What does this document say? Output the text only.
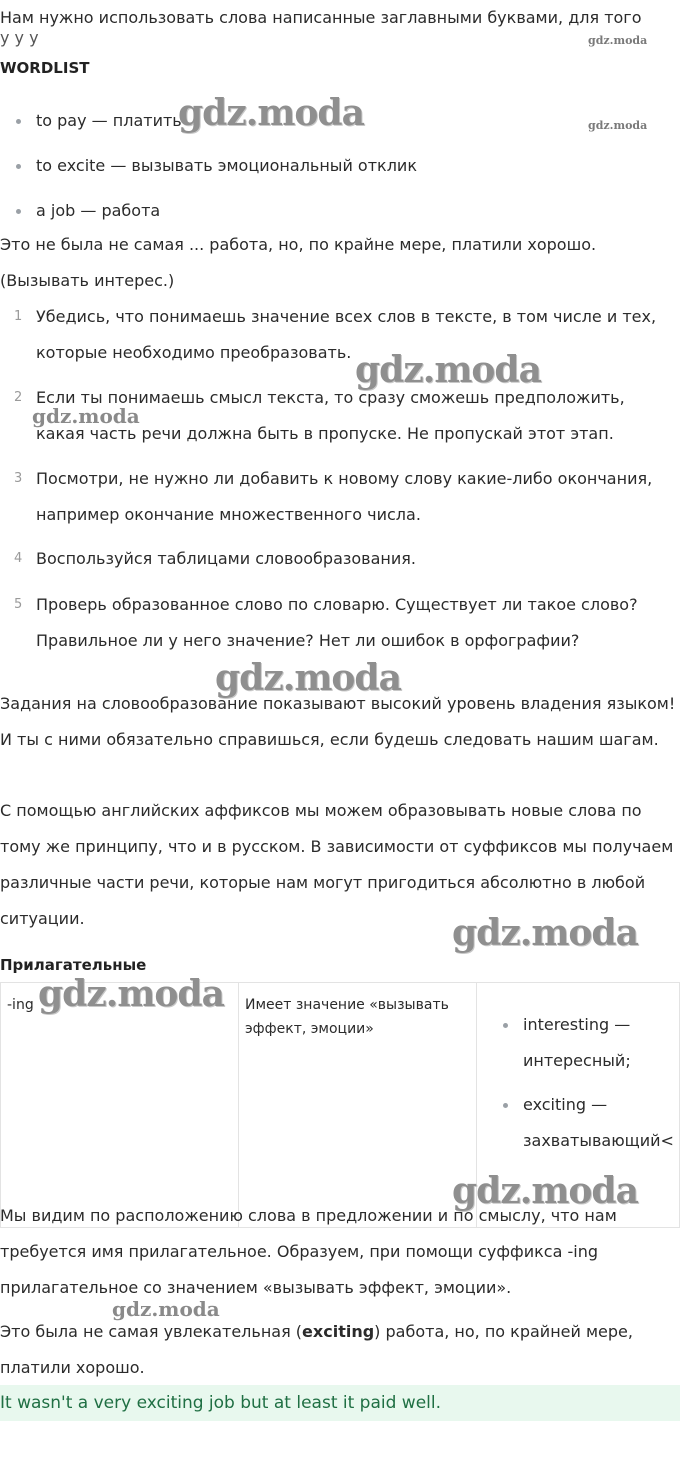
Нам нужно использовать слова написанные заглавными буквами, для того
у у у
WORDLIST
to pay — платить
to excite — вызывать эмоциональный отклик
a job — работа

Это не была не самая ... работа, но, по крайне мере, платили хорошо. (Вызывать интерес.)

1 Убедись, что понимаешь значение всех слов в тексте, в том числе и тех, которые необходимо преобразовать.
2 Если ты понимаешь смысл текста, то сразу сможешь предположить, какая часть речи должна быть в пропуске. Не пропускай этот этап.
3 Посмотри, не нужно ли добавить к новому слову какие-либо окончания, например окончание множественного числа.
4 Воспользуйся таблицами словообразования.
5 Проверь образованное слово по словарю. Существует ли такое слово? Правильное ли у него значение? Нет ли ошибок в орфографии?

Задания на словообразование показывают высокий уровень владения языком! И ты с ними обязательно справишься, если будешь следовать нашим шагам.

С помощью английских аффиксов мы можем образовывать новые слова по тому же принципу, что и в русском. В зависимости от суффиксов мы получаем различные части речи, которые нам могут пригодиться абсолютно в любой ситуации.

Прилагательные
-ing	Имеет значение «вызывать эффект, эмоции»	interesting — интересный;
exciting — захватывающий<

Мы видим по расположению слова в предложении и по смыслу, что нам требуется имя прилагательное. Образуем, при помощи суффикса -ing прилагательное со значением «вызывать эффект, эмоции».

Это была не самая увлекательная (exciting) работа, но, по крайней мере, платили хорошо.

It wasn't a very exciting job but at least it paid well.
gdz.moda
gdz.moda	gdz.moda
gdz.moda
gdz.moda
gdz.moda
gdz.moda
gdz.moda
gdz.moda
gdz.moda
